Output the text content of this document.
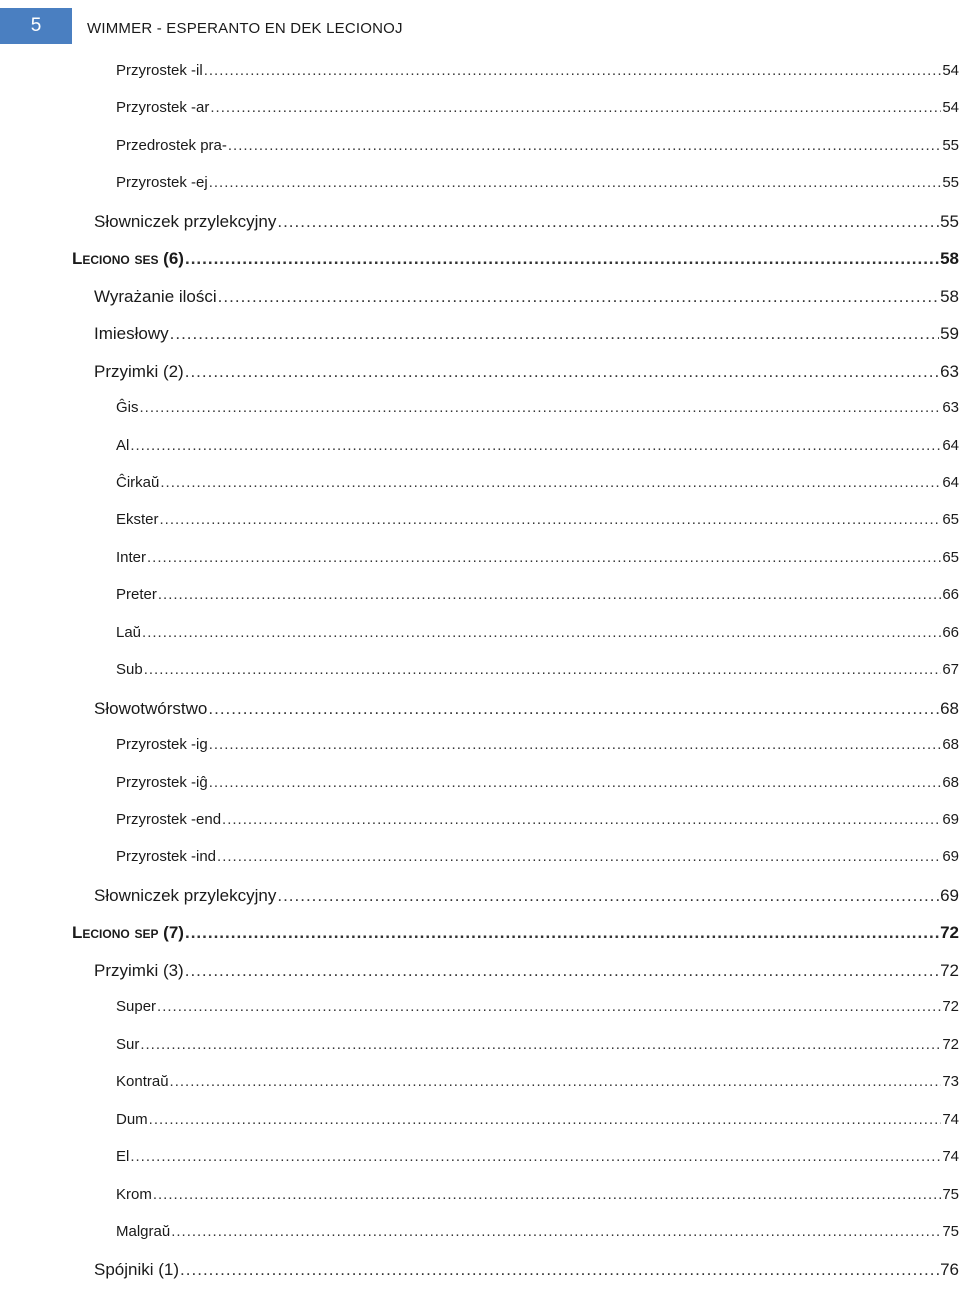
5	WIMMER - ESPERANTO EN DEK LECIONOJ
Przyrostek -il .....	54
Przyrostek -ar .....	54
Przedrostek pra- .....	55
Przyrostek -ej .....	55
Słowniczek przylekcyjny .....	55
Leciono ses (6) .....	58
Wyrażanie ilości .....	58
Imiesłowy .....	59
Przyimki (2) .....	63
Ĝis .....	63
Al .....	64
Ĉirkaŭ .....	64
Ekster .....	65
Inter .....	65
Preter .....	66
Laŭ .....	66
Sub .....	67
Słowotwórstwo .....	68
Przyrostek -ig .....	68
Przyrostek -iĝ .....	68
Przyrostek -end .....	69
Przyrostek -ind .....	69
Słowniczek przylekcyjny .....	69
Leciono sep (7) .....	72
Przyimki (3) .....	72
Super .....	72
Sur .....	72
Kontraŭ .....	73
Dum .....	74
El .....	74
Krom .....	75
Malgraŭ .....	75
Spójniki (1) .....	76
